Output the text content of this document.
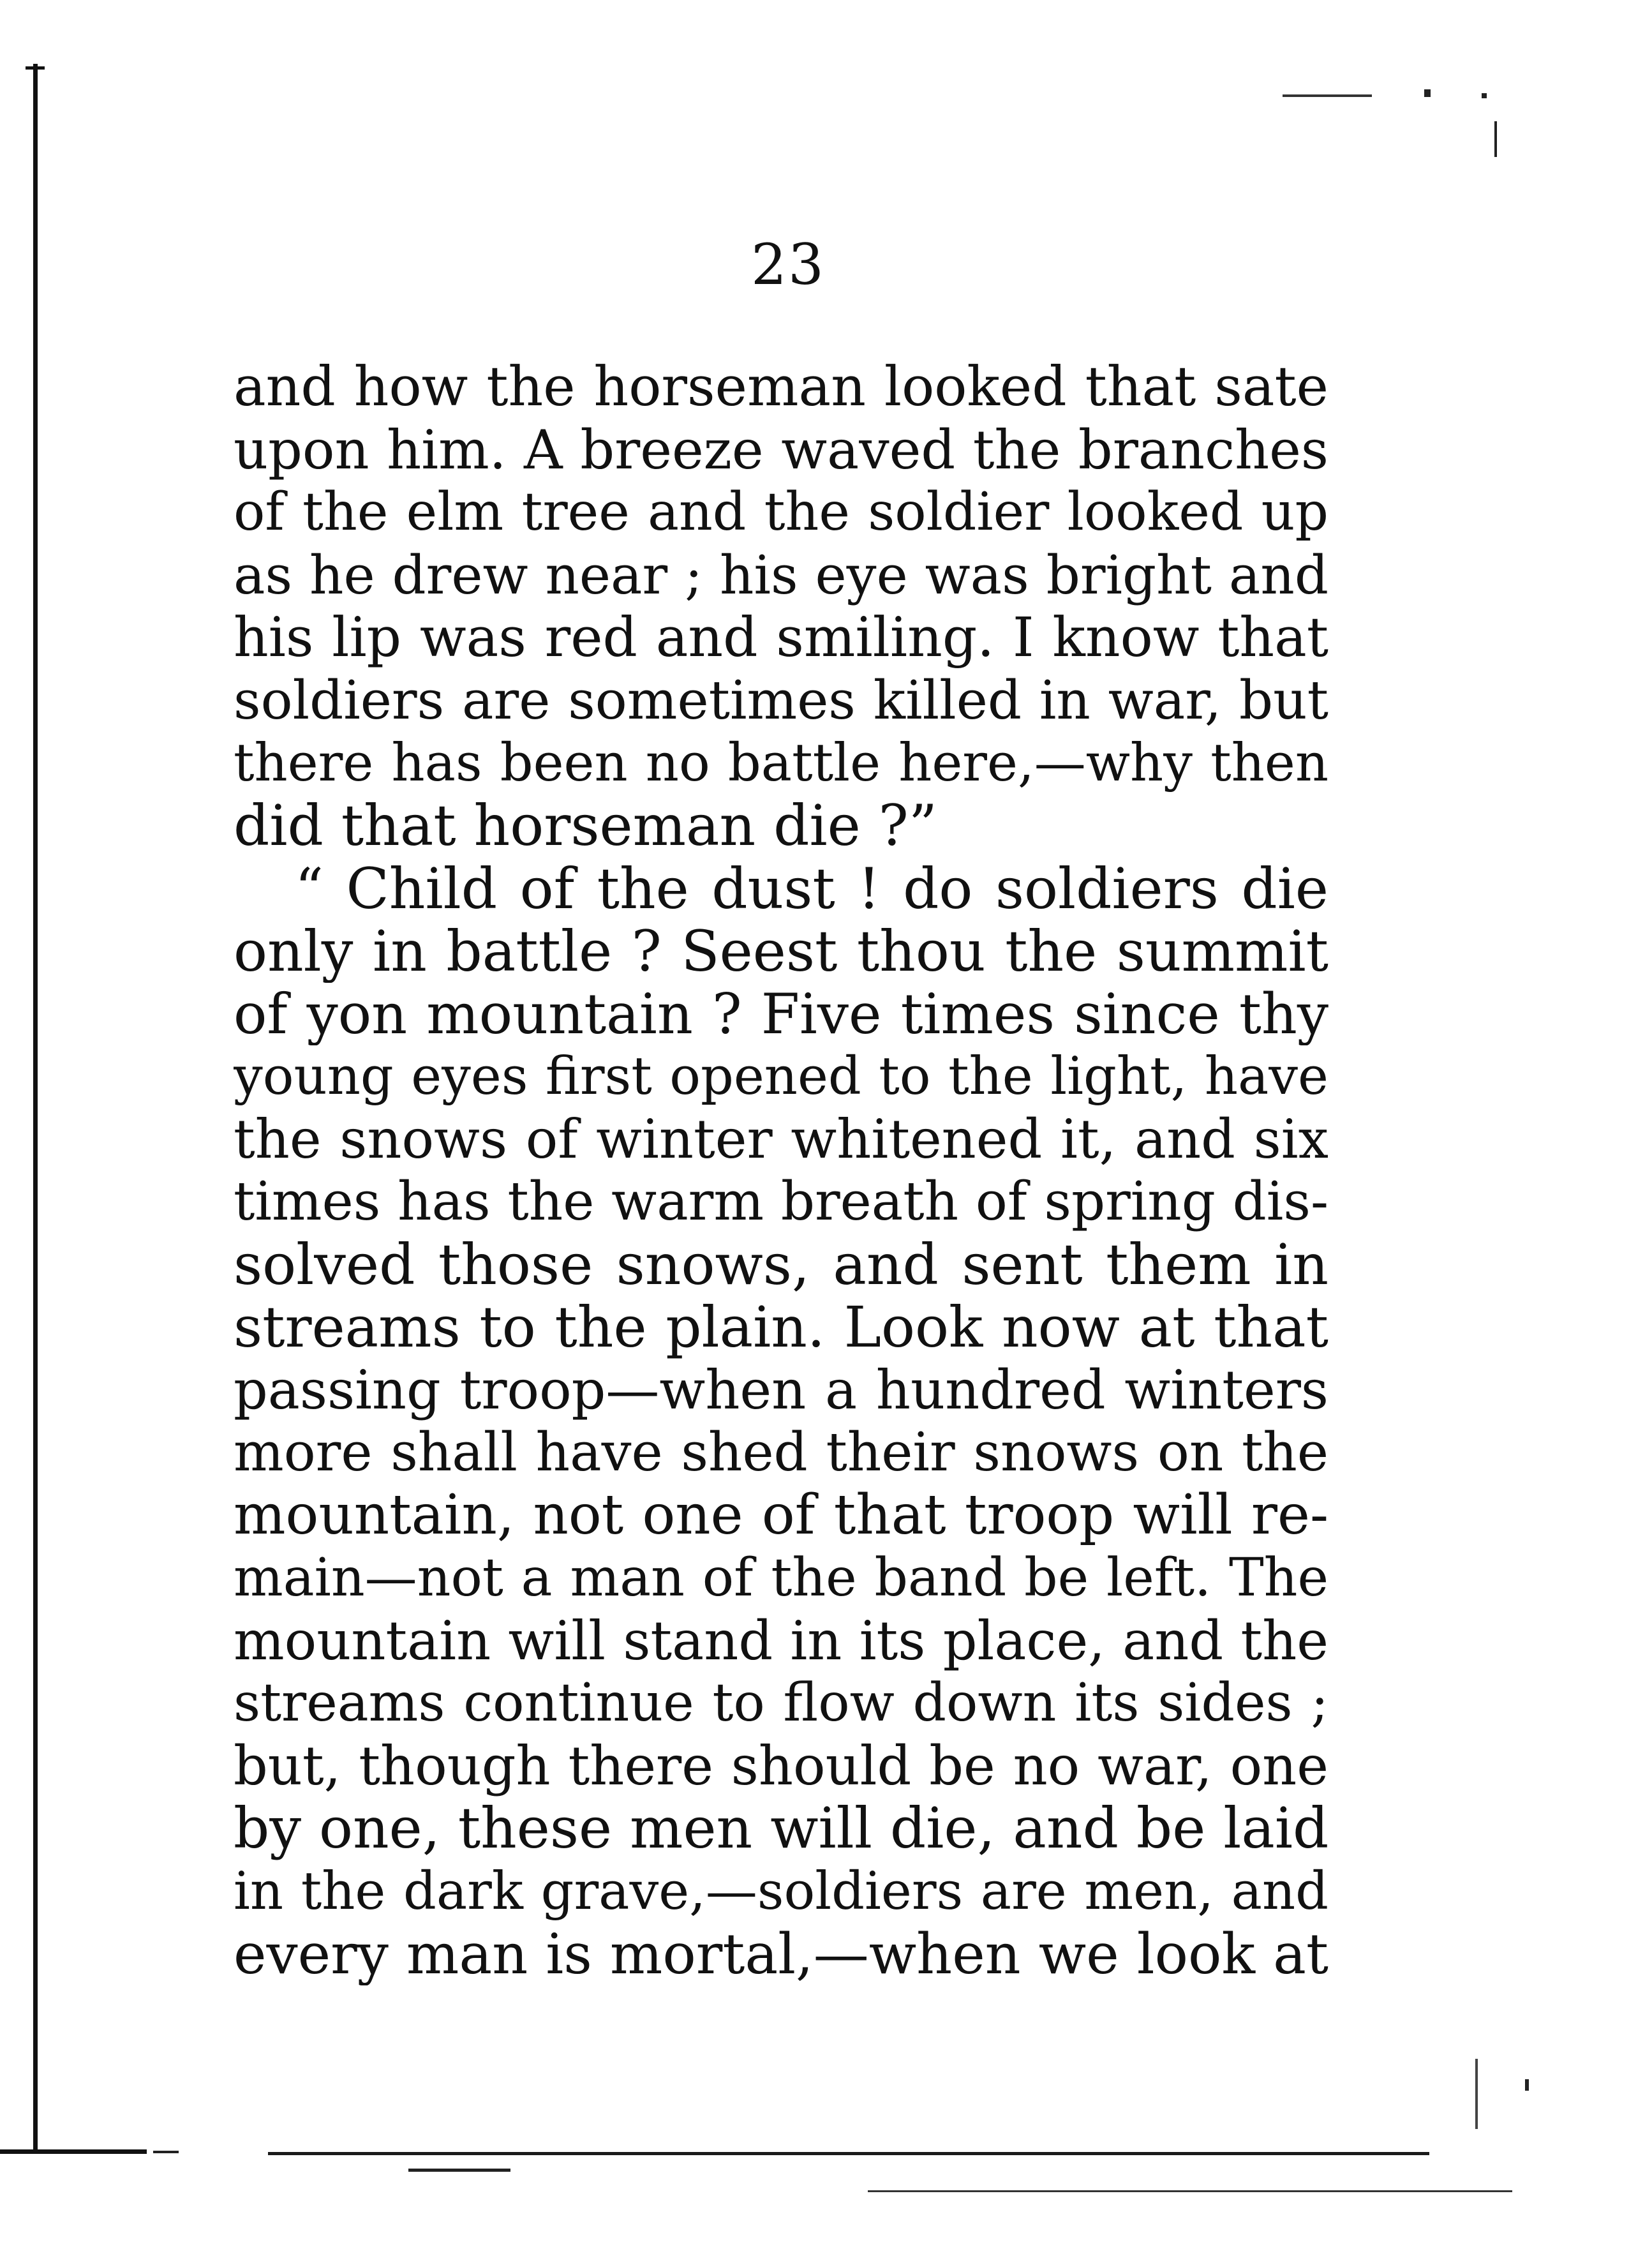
23
and how the horseman looked that sate
upon him. A breeze waved the branches
of the elm tree and the soldier looked up
as he drew near ; his eye was bright and
his lip was red and smiling. I know that
soldiers are sometimes killed in war, but
there has been no battle here,—why then
did that horseman die ?”
“ Child of the dust ! do soldiers die
only in battle ? Seest thou the summit
of yon mountain ? Five times since thy
young eyes first opened to the light, have
the snows of winter whitened it, and six
times has the warm breath of spring dis-
solved those snows, and sent them in
streams to the plain. Look now at that
passing troop—when a hundred winters
more shall have shed their snows on the
mountain, not one of that troop will re-
main—not a man of the band be left. The
mountain will stand in its place, and the
streams continue to flow down its sides ;
but, though there should be no war, one
by one, these men will die, and be laid
in the dark grave,—soldiers are men, and
every man is mortal,—when we look at
